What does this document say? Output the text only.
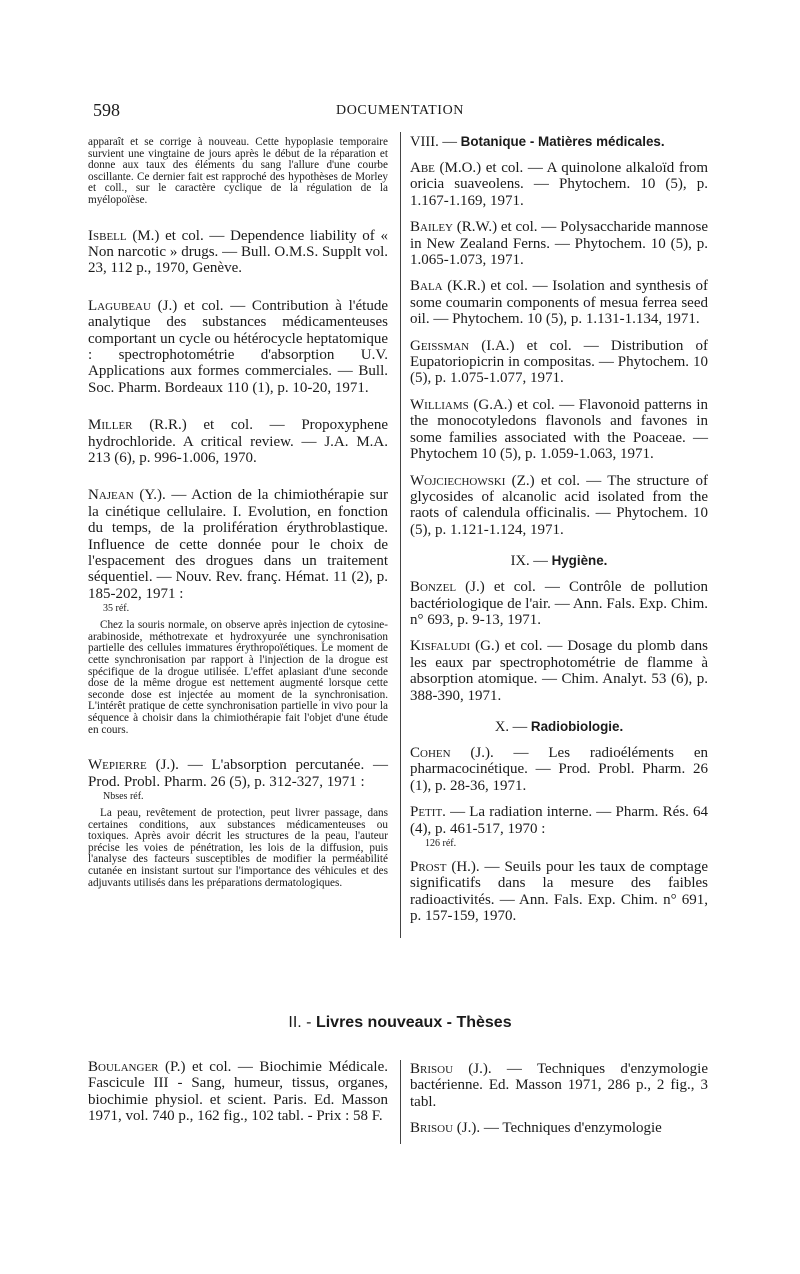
598	DOCUMENTATION

apparaît et se corrige à nouveau. Cette hypoplasie temporaire survient une vingtaine de jours après le début de la réparation et donne aux taux des éléments du sang l'allure d'une courbe oscillante. Ce dernier fait est rapproché des hypothèses de Morley et coll., sur le caractère cyclique de la régulation de la myélopoïèse.

Isbell (M.) et col. — Dependence liability of « Non narcotic » drugs. — Bull. O.M.S. Supplt vol. 23, 112 p., 1970, Genève.

Lagubeau (J.) et col. — Contribution à l'étude analytique des substances médicamenteuses comportant un cycle ou hétérocycle heptatomique : spectrophotométrie d'absorption U.V. Applications aux formes commerciales. — Bull. Soc. Pharm. Bordeaux 110 (1), p. 10-20, 1971.

Miller (R.R.) et col. — Propoxyphene hydrochloride. A critical review. — J.A. M.A. 213 (6), p. 996-1.006, 1970.

Najean (Y.). — Action de la chimiothérapie sur la cinétique cellulaire. I. Evolution, en fonction du temps, de la prolifération érythroblastique. Influence de cette donnée pour le choix de l'espacement des drogues dans un traitement séquentiel. — Nouv. Rev. franç. Hémat. 11 (2), p. 185-202, 1971 :

35 réf.

Chez la souris normale, on observe après injection de cytosine-arabinoside, méthotrexate et hydroxyurée une synchronisation partielle des cellules immatures érythropoïétiques. Le moment de cette synchronisation par rapport à l'injection de la drogue est spécifique de la drogue utilisée. L'effet aplasiant d'une seconde dose de la même drogue est nettement augmenté lorsque cette seconde dose est injectée au moment de la synchronisation. L'intérêt pratique de cette synchronisation partielle in vivo pour la séquence à choisir dans la chimiothérapie fait l'objet d'une étude en cours.

Wepierre (J.). — L'absorption percutanée. — Prod. Probl. Pharm. 26 (5), p. 312-327, 1971 :

Nbses réf.

La peau, revêtement de protection, peut livrer passage, dans certaines conditions, aux substances médicamenteuses ou toxiques. Après avoir décrit les structures de la peau, l'auteur précise les voies de pénétration, les lois de la diffusion, puis l'analyse des facteurs susceptibles de modifier la perméabilité cutanée en insistant surtout sur l'importance des véhicules et des adjuvants utilisés dans les préparations dermatologiques.

VIII. — Botanique - Matières médicales.

Abe (M.O.) et col. — A quinolone alkaloïd from oricia suaveolens. — Phytochem. 10 (5), p. 1.167-1.169, 1971.

Bailey (R.W.) et col. — Polysaccharide mannose in New Zealand Ferns. — Phytochem. 10 (5), p. 1.065-1.073, 1971.

Bala (K.R.) et col. — Isolation and synthesis of some coumarin components of mesua ferrea seed oil. — Phytochem. 10 (5), p. 1.131-1.134, 1971.

Geissman (I.A.) et col. — Distribution of Eupatoriopicrin in compositas. — Phytochem. 10 (5), p. 1.075-1.077, 1971.

Williams (G.A.) et col. — Flavonoid patterns in the monocotyledons flavonols and favones in some families associated with the Poaceae. — Phytochem 10 (5), p. 1.059-1.063, 1971.

Wojciechowski (Z.) et col. — The structure of glycosides of alcanolic acid isolated from the raots of calendula officinalis. — Phytochem. 10 (5), p. 1.121-1.124, 1971.

IX. — Hygiène.

Bonzel (J.) et col. — Contrôle de pollution bactériologique de l'air. — Ann. Fals. Exp. Chim. n° 693, p. 9-13, 1971.

Kisfaludi (G.) et col. — Dosage du plomb dans les eaux par spectrophotométrie de flamme à absorption atomique. — Chim. Analyt. 53 (6), p. 388-390, 1971.

X. — Radiobiologie.

Cohen (J.). — Les radioéléments en pharmacocinétique. — Prod. Probl. Pharm. 26 (1), p. 28-36, 1971.

Petit. — La radiation interne. — Pharm. Rés. 64 (4), p. 461-517, 1970 :

126 réf.

Prost (H.). — Seuils pour les taux de comptage significatifs dans la mesure des faibles radioactivités. — Ann. Fals. Exp. Chim. n° 691, p. 157-159, 1970.

II. - Livres nouveaux - Thèses

Boulanger (P.) et col. — Biochimie Médicale. Fascicule III - Sang, humeur, tissus, organes, biochimie physiol. et scient. Paris. Ed. Masson 1971, vol. 740 p., 162 fig., 102 tabl. - Prix : 58 F.

Brisou (J.). — Techniques d'enzymologie bactérienne. Ed. Masson 1971, 286 p., 2 fig., 3 tabl.

Brisou (J.). — Techniques d'enzymologie
